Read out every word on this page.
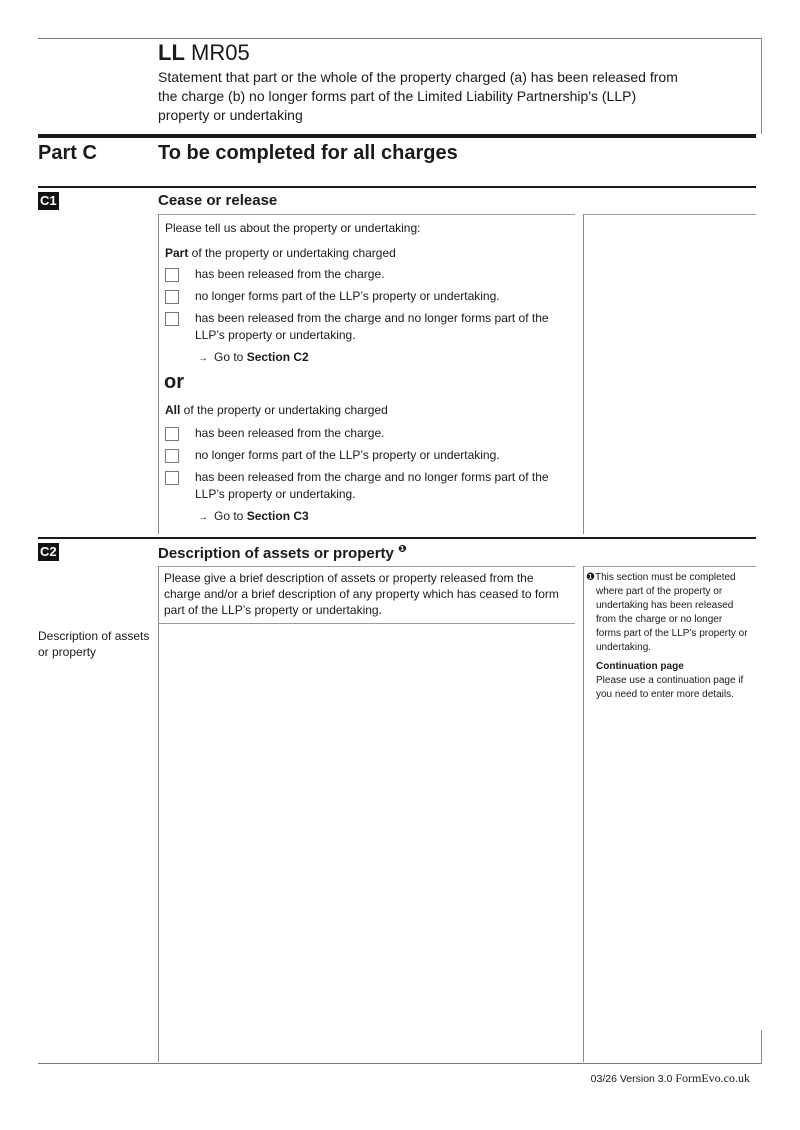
LL MR05
Statement that part or the whole of the property charged (a) has been released from the charge (b) no longer forms part of the Limited Liability Partnership's (LLP) property or undertaking
Part C	To be completed for all charges
C1	Cease or release
Please tell us about the property or undertaking:
Part of the property or undertaking charged
has been released from the charge.
no longer forms part of the LLP’s property or undertaking.
has been released from the charge and no longer forms part of the LLP’s property or undertaking.
→ Go to Section C2
or
All of the property or undertaking charged
has been released from the charge.
no longer forms part of the LLP’s property or undertaking.
has been released from the charge and no longer forms part of the LLP’s property or undertaking.
→ Go to Section C3
C2	Description of assets or property $^❶$
Please give a brief description of assets or property released from the charge and/or a brief description of any property which has ceased to form part of the LLP’s property or undertaking.
Description of assets or property
❶This section must be completed where part of the property or undertaking has been released from the charge or no longer forms part of the LLP’s property or undertaking.
Continuation page
Please use a continuation page if you need to enter more details.
03/26 Version 3.0 FormEvo.co.uk
